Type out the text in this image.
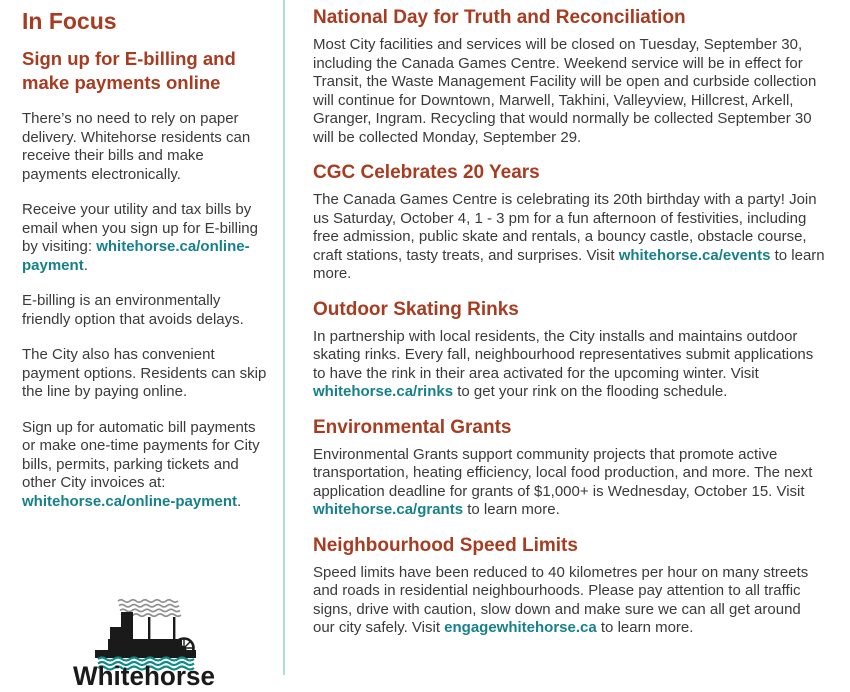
In Focus
Sign up for E-billing and make payments online

There’s no need to rely on paper delivery. Whitehorse residents can receive their bills and make payments electronically.

Receive your utility and tax bills by email when you sign up for E-billing by visiting: whitehorse.ca/online-payment.

E-billing is an environmentally friendly option that avoids delays.

The City also has convenient payment options. Residents can skip the line by paying online.

Sign up for automatic bill payments or make one-time payments for City bills, permits, parking tickets and other City invoices at: whitehorse.ca/online-payment.

National Day for Truth and Reconciliation

Most City facilities and services will be closed on Tuesday, September 30, including the Canada Games Centre. Weekend service will be in effect for Transit, the Waste Management Facility will be open and curbside collection will continue for Downtown, Marwell, Takhini, Valleyview, Hillcrest, Arkell, Granger, Ingram. Recycling that would normally be collected September 30 will be collected Monday, September 29.

CGC Celebrates 20 Years

The Canada Games Centre is celebrating its 20th birthday with a party! Join us Saturday, October 4, 1 - 3 pm for a fun afternoon of festivities, including free admission, public skate and rentals, a bouncy castle, obstacle course, craft stations, tasty treats, and surprises. Visit whitehorse.ca/events to learn more.

Outdoor Skating Rinks

In partnership with local residents, the City installs and maintains outdoor skating rinks. Every fall, neighbourhood representatives submit applications to have the rink in their area activated for the upcoming winter. Visit whitehorse.ca/rinks to get your rink on the flooding schedule.

Environmental Grants

Environmental Grants support community projects that promote active transportation, heating efficiency, local food production, and more. The next application deadline for grants of $1,000+ is Wednesday, October 15. Visit whitehorse.ca/grants to learn more.

Neighbourhood Speed Limits

Speed limits have been reduced to 40 kilometres per hour on many streets and roads in residential neighbourhoods. Please pay attention to all traffic signs, drive with caution, slow down and make sure we can all get around our city safely. Visit engagewhitehorse.ca to learn more.

Whitehorse
